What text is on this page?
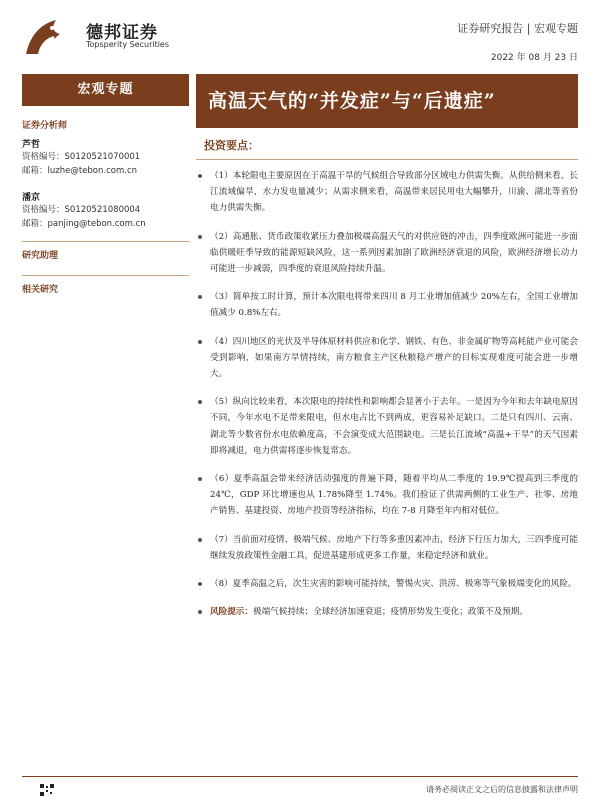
德邦证券
Topsperity Securities
证券研究报告 | 宏观专题
2022 年 08 月 23 日
宏观专题
高温天气的“并发症”与“后遗症”
证券分析师
芦哲
资格编号：S0120521070001
邮箱：luzhe@tebon.com.cn
潘京
资格编号：S0120521080004
邮箱：panjing@tebon.com.cn
研究助理
相关研究
投资要点：
（1）本轮限电主要原因在于高温干旱的气候组合导致部分区域电力供需失衡。从供给侧来看，长江流域偏旱，水力发电量减少；从需求侧来看，高温带来居民用电大幅攀升，川渝、湖北等省份电力供需失衡。
（2）高通胀、货币政策收紧压力叠加极端高温天气的对供应链的冲击，四季度欧洲可能进一步面临供暖旺季导致的能源短缺风险，这一系列因素加剧了欧洲经济衰退的风险，欧洲经济增长动力可能进一步减弱，四季度的衰退风险持续升温。
（3）简单按工时计算，预计本次限电将带来四川 8 月工业增加值减少 20%左右，全国工业增加值减少 0.8%左右。
（4）四川地区的光伏及半导体原材料供应和化学、钢铁、有色、非金属矿物等高耗能产业可能会受到影响，如果南方旱情持续，南方粮食主产区秋粮稳产增产的目标实现难度可能会进一步增大。
（5）纵向比较来看，本次限电的持续性和影响都会显著小于去年。一是因为今年和去年缺电原因不同，今年水电不足带来限电，但水电占比不到两成，更容易补足缺口。二是只有四川、云南、湖北等少数省份水电依赖度高，不会演变成大范围缺电。三是长江流域“高温+干旱”的天气因素即将减退，电力供需将逐步恢复常态。
（6）夏季高温会带来经济活动强度的普遍下降，随着平均从二季度的 19.9℃提高到三季度的 24℃，GDP 环比增速也从 1.78%降至 1.74%。我们验证了供需两侧的工业生产、社零、房地产销售、基建投资、房地产投资等经济指标，均在 7-8 月降至年内相对低位。
（7）当前面对疫情、极端气候、房地产下行等多重因素冲击，经济下行压力加大，三四季度可能继续发放政策性金融工具，促进基建形成更多工作量，来稳定经济和就业。
（8）夏季高温之后，次生灾害的影响可能持续，警惕火灾、洪涝、极寒等气象极端变化的风险。
风险提示：极端气候持续；全球经济加速衰退；疫情形势发生变化；政策不及预期。
请务必阅读正文之后的信息披露和法律声明
